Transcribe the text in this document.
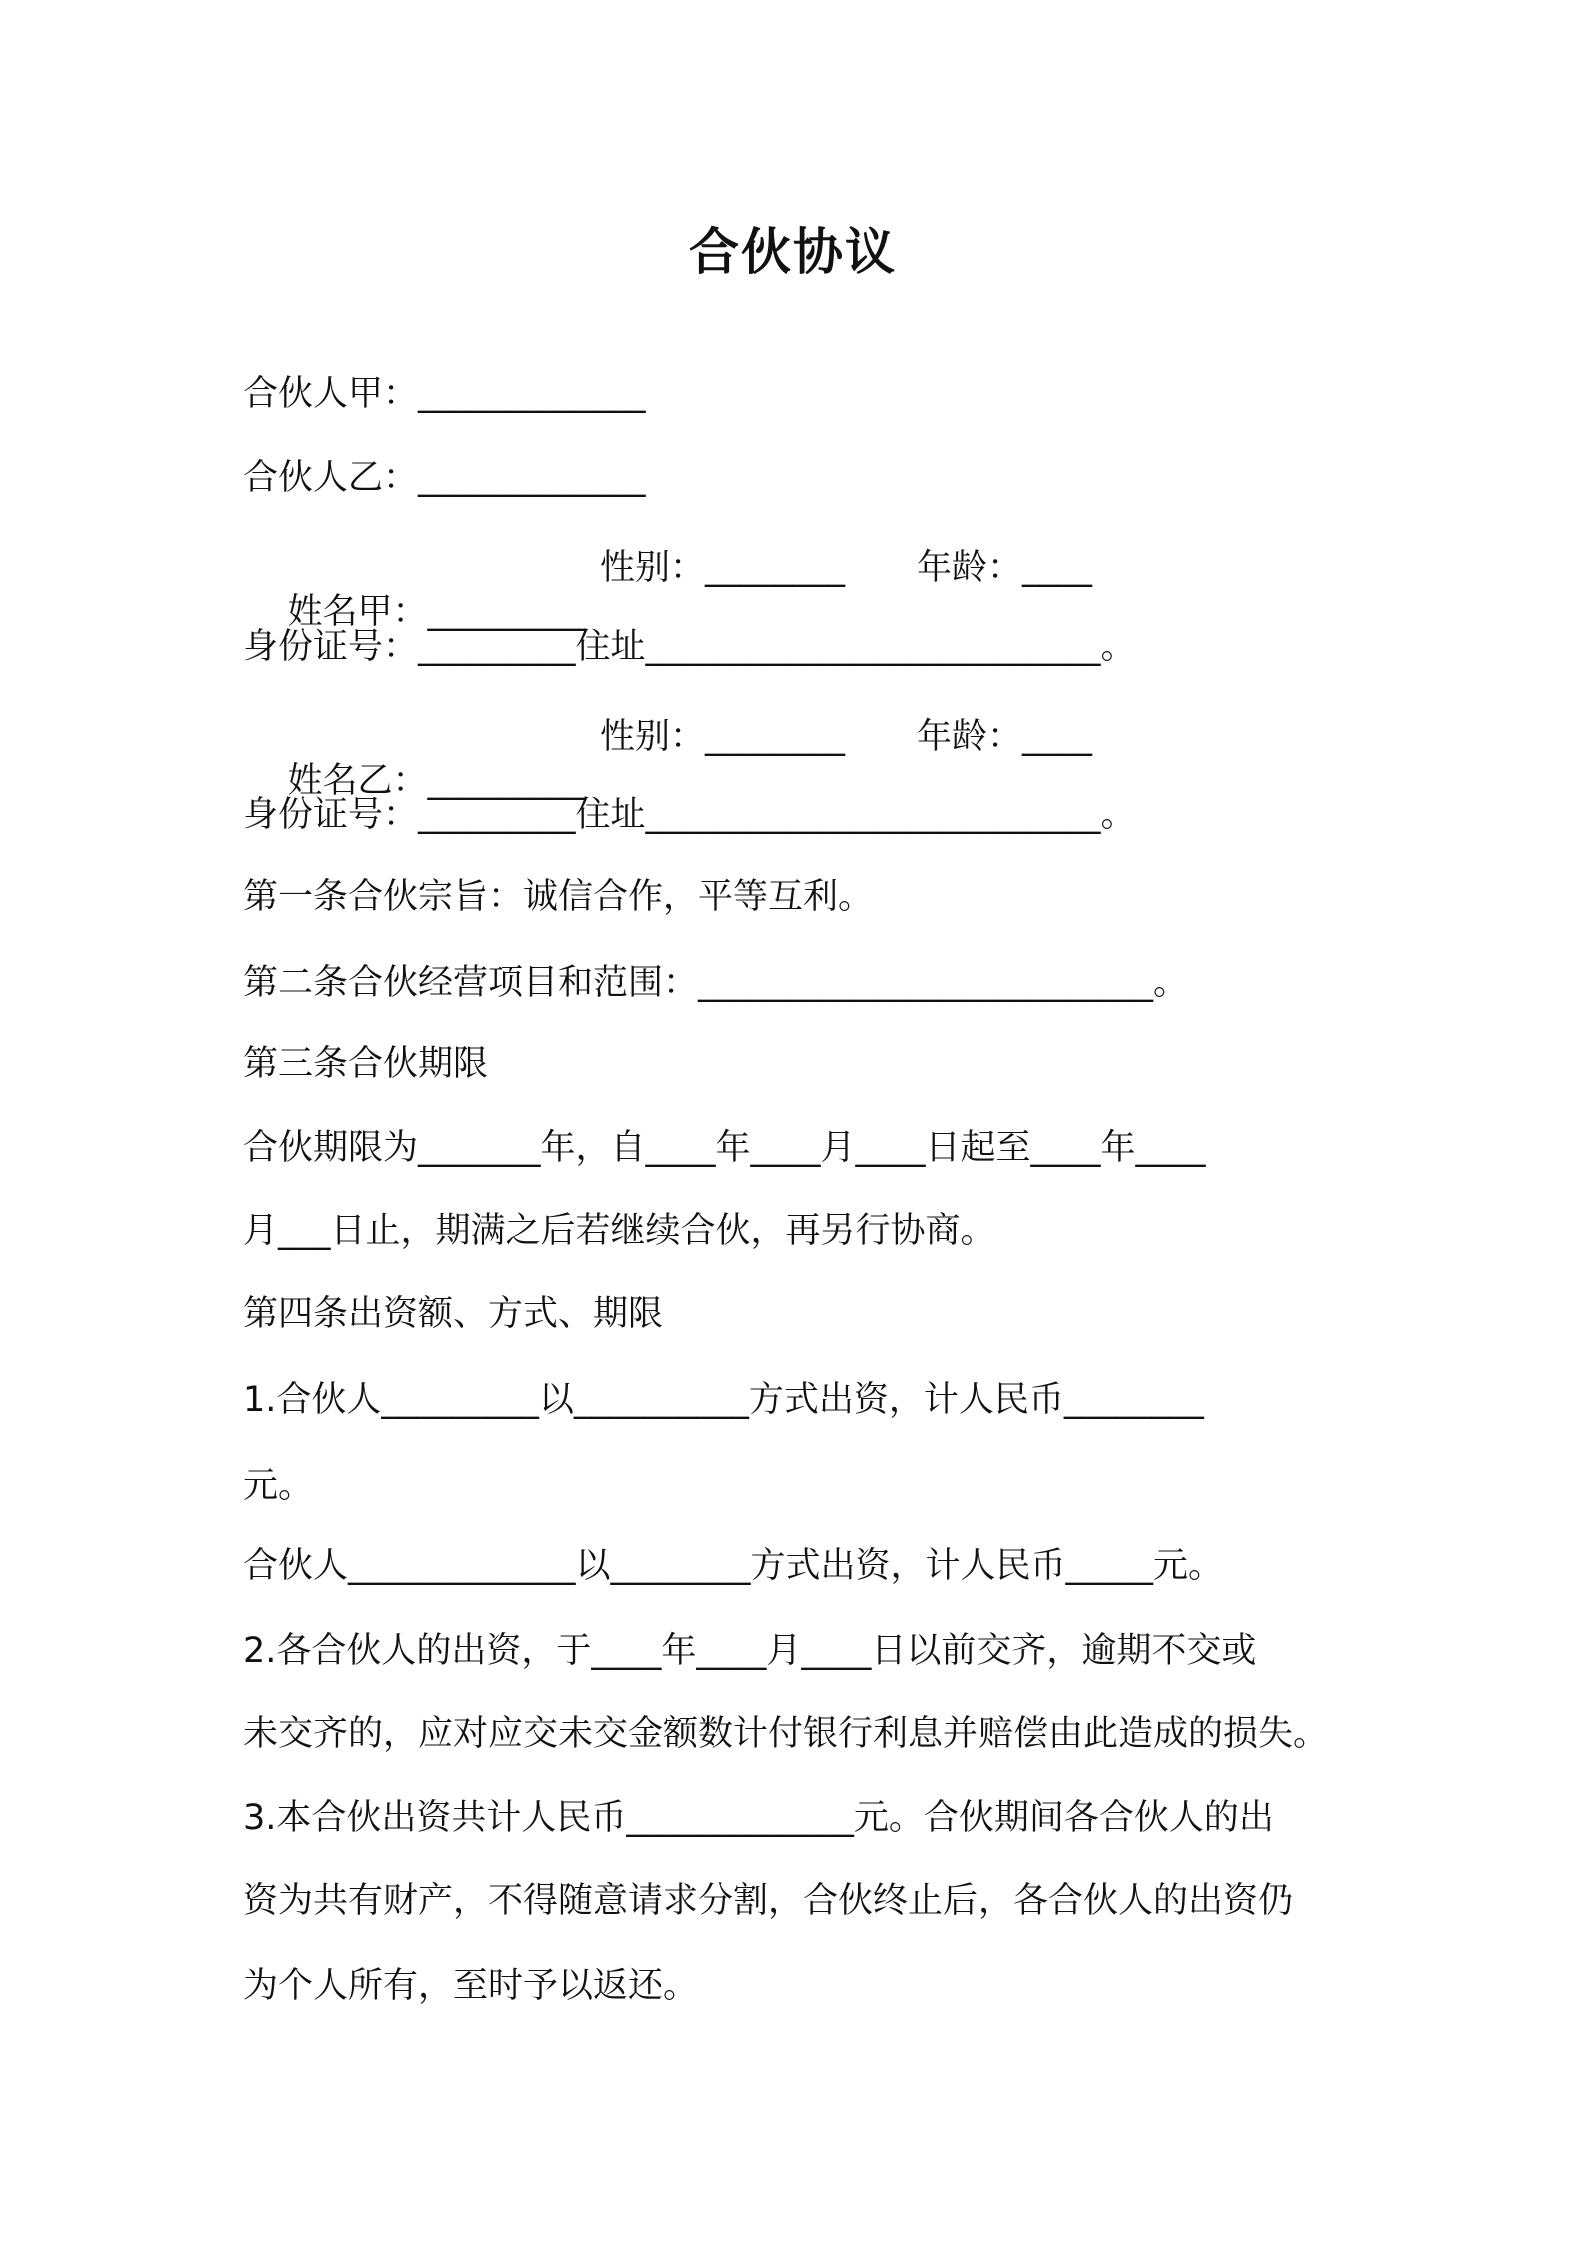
合伙协议
合伙人甲：_____________
合伙人乙：_____________

姓名甲：_________

性别：________ 年龄：____
身份证号：_________住址__________________________。

姓名乙：_________

性别：________ 年龄：____
身份证号：_________住址__________________________。
第一条合伙宗旨：诚信合作，平等互利。
第二条合伙经营项目和范围：__________________________。
第三条合伙期限
合伙期限为_______年，自____年____月____日起至____年____
月___日止，期满之后若继续合伙，再另行协商。
第四条出资额、方式、期限
1.合伙人_________以__________方式出资，计人民币________
元。
合伙人_____________以________方式出资，计人民币_____元。
2.各合伙人的出资，于____年____月____日以前交齐，逾期不交或
未交齐的，应对应交未交金额数计付银行利息并赔偿由此造成的损失。
3.本合伙出资共计人民币_____________元。合伙期间各合伙人的出
资为共有财产，不得随意请求分割，合伙终止后，各合伙人的出资仍
为个人所有，至时予以返还。
